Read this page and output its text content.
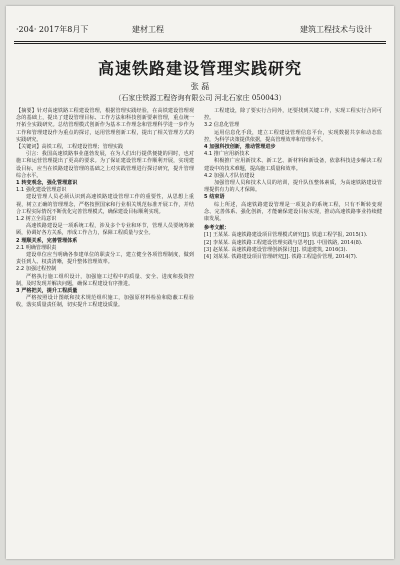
·204· 2017年8月下	建材工程	建筑工程技术与设计
高速铁路建设管理实践研究
张 磊
（石家庄铁源工程咨询有限公司 河北石家庄 050043）

【摘要】针对高速铁路工程建设管理，根据管理实践经验，在高铁建设管理观念的基础上，提出了建设管理目标、工作方法和科技创新要素管理，重点统一开拓全实践研究。总结管理模式创新作为基本工作理念和管理科学进一步作为工作和管理建设作为重点的探讨，运用管理创新工程，提出了相关管理方式的实践研究。

【关键词】高铁工程，工程建设管理；管理实践

引言：我国高速铁路事业蓬勃发展，在为人们出行提供便捷的同时，也对施工和运营管理提出了更高的要求。为了保证建设管理工作顺利开展，实现建设目标，应当在铁路建设管理的基础之上对实践管理进行探讨研究，提升管理综合水平。

1 转变观念，强化管理意识

1.1 强化建设管理意识

建设管理人员必须认识到高速铁路建设管理工作的重要性，从思想上重视，树立正确的管理理念，严格按照国家和行业相关规范标准开展工作，并结合工程实际情况不断优化完善管理模式，确保建设目标顺利实现。

1.2 树立全局意识

高速铁路建设是一项系统工程，涉及多个专业和环节，管理人员要统筹兼顾，协调好各方关系，形成工作合力，保障工程质量与安全。

2 理顺关系，完善管理体系

2.1 明确管理职责

建设单位应当明确各参建单位的职责分工，建立健全各项管理制度，做到责任到人、权责清晰，提升整体管理效率。

2.2 加强过程控制

严格执行施工组织设计，加强施工过程中的质量、安全、进度和投资控制，及时发现并解决问题，确保工程建设有序推进。

3 严格把关，提升工程质量

严格按照设计图纸和技术规范组织施工，加强原材料检验和隐蔽工程验收，落实质量责任制，切实提升工程建设质量。

工程建设，除了要实行合同外，还要找到关键工作，实现工程实行合同可控。

3.2 信息化管理

运用信息化手段，建立工程建设管理信息平台，实现数据共享和动态监控，为科学决策提供依据，提高管理效率和管理水平。

4 加强科技创新，推动管理进步

4.1 推广应用新技术

积极推广应用新技术、新工艺、新材料和新设备，依靠科技进步解决工程建设中的技术难题，提高施工质量和效率。

4.2 加强人才队伍建设

加强管理人员和技术人员的培训，提升队伍整体素质，为高速铁路建设管理提供有力的人才保障。

5 结束语

综上所述，高速铁路建设管理是一项复杂的系统工程，只有不断转变观念、完善体系、强化创新，才能确保建设目标实现，推动高速铁路事业持续健康发展。

参考文献：

[1] 王某某. 高速铁路建设项目管理模式研究[J]. 铁道工程学报, 2015(1).

[2] 李某某. 高速铁路工程建设管理实践与思考[J]. 中国铁路, 2014(8).

[3] 赵某某. 高速铁路建设管理创新探讨[J]. 铁道建筑, 2016(3).

[4] 刘某某. 铁路建设项目管理研究[J]. 铁路工程造价管理, 2014(7).
